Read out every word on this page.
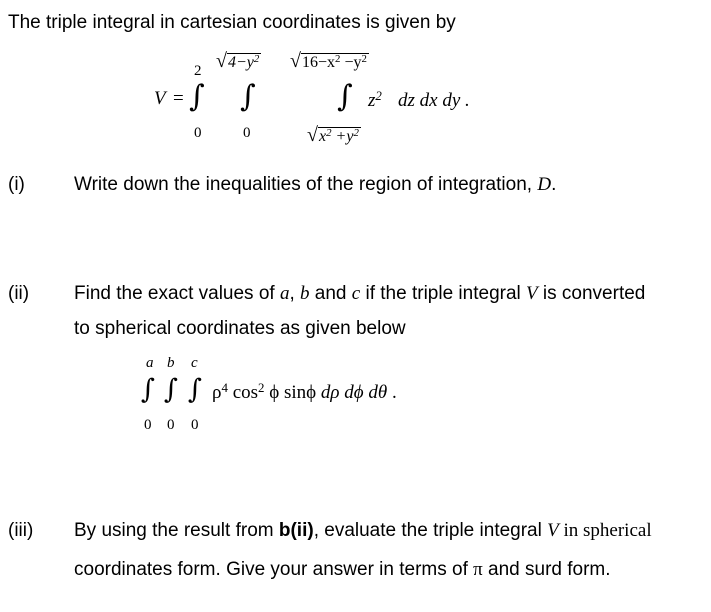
The triple integral in cartesian coordinates is given by
V =
2
∫
0
$√4-y^2$
∫
0
$√16-x^2 -y^2$
∫
$√x^2 +y^2$
$z^2$ dz dx dy .
(i)	Write down the inequalities of the region of integration, D.
(ii) Find the exact values of a, b and c if the triple integral V is converted
to spherical coordinates as given below
a b c
∫ ∫ ∫
0 0 0
$\rho^4$ $\cos^2 \phi$ sinϕ dρ dϕ dθ .
(iii) By using the result from b(ii), evaluate the triple integral V in spherical
coordinates form. Give your answer in terms of π and surd form.
